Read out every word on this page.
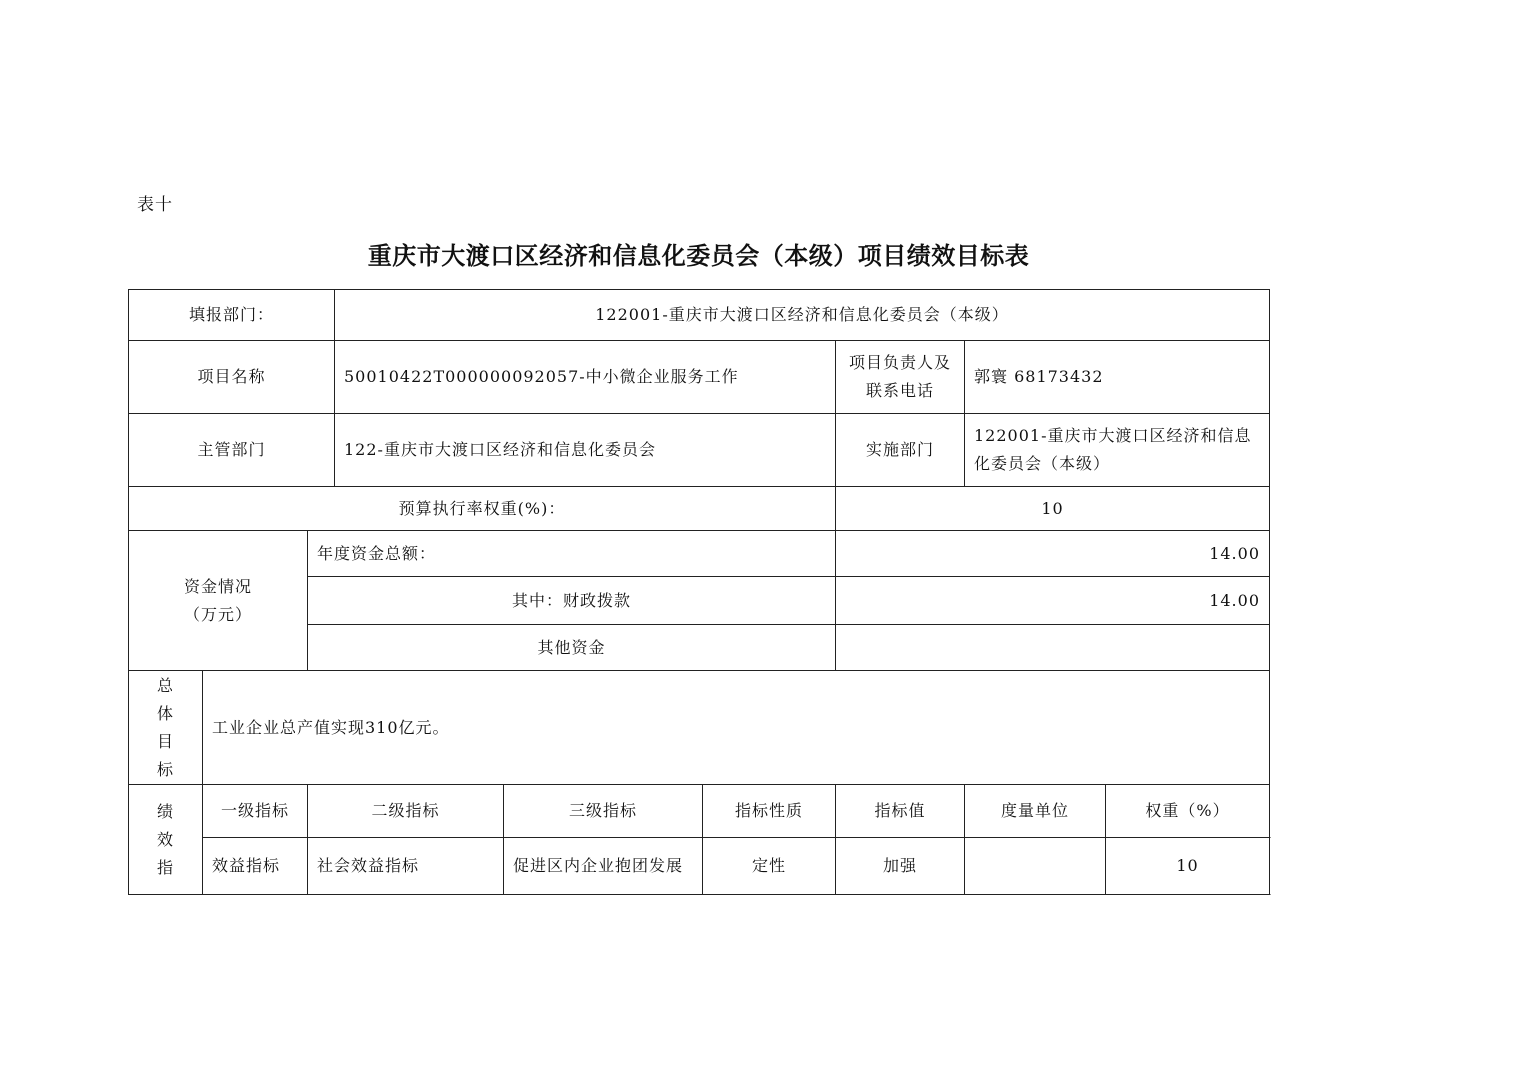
表十
重庆市大渡口区经济和信息化委员会（本级）项目绩效目标表
填报部门：			122001-重庆市大渡口区经济和信息化委员会（本级）					
项目名称			50010422T000000092057-中小微企业服务工作			项目负责人及联系电话	郭寰 68173432	
主管部门			122-重庆市大渡口区经济和信息化委员会			实施部门	122001-重庆市大渡口区经济和信息化委员会（本级）	
预算执行率权重(%)：						10		

资金情况
（万元）		年度资金总额：				14.00		
		其中：财政拨款				14.00		
		其他资金						

总
体
目
标	工业企业总产值实现310亿元。							

绩
效
指	一级指标	二级指标		三级指标	指标性质	指标值	度量单位	权重（%）
	效益指标	社会效益指标		促进区内企业抱团发展	定性	加强		10
